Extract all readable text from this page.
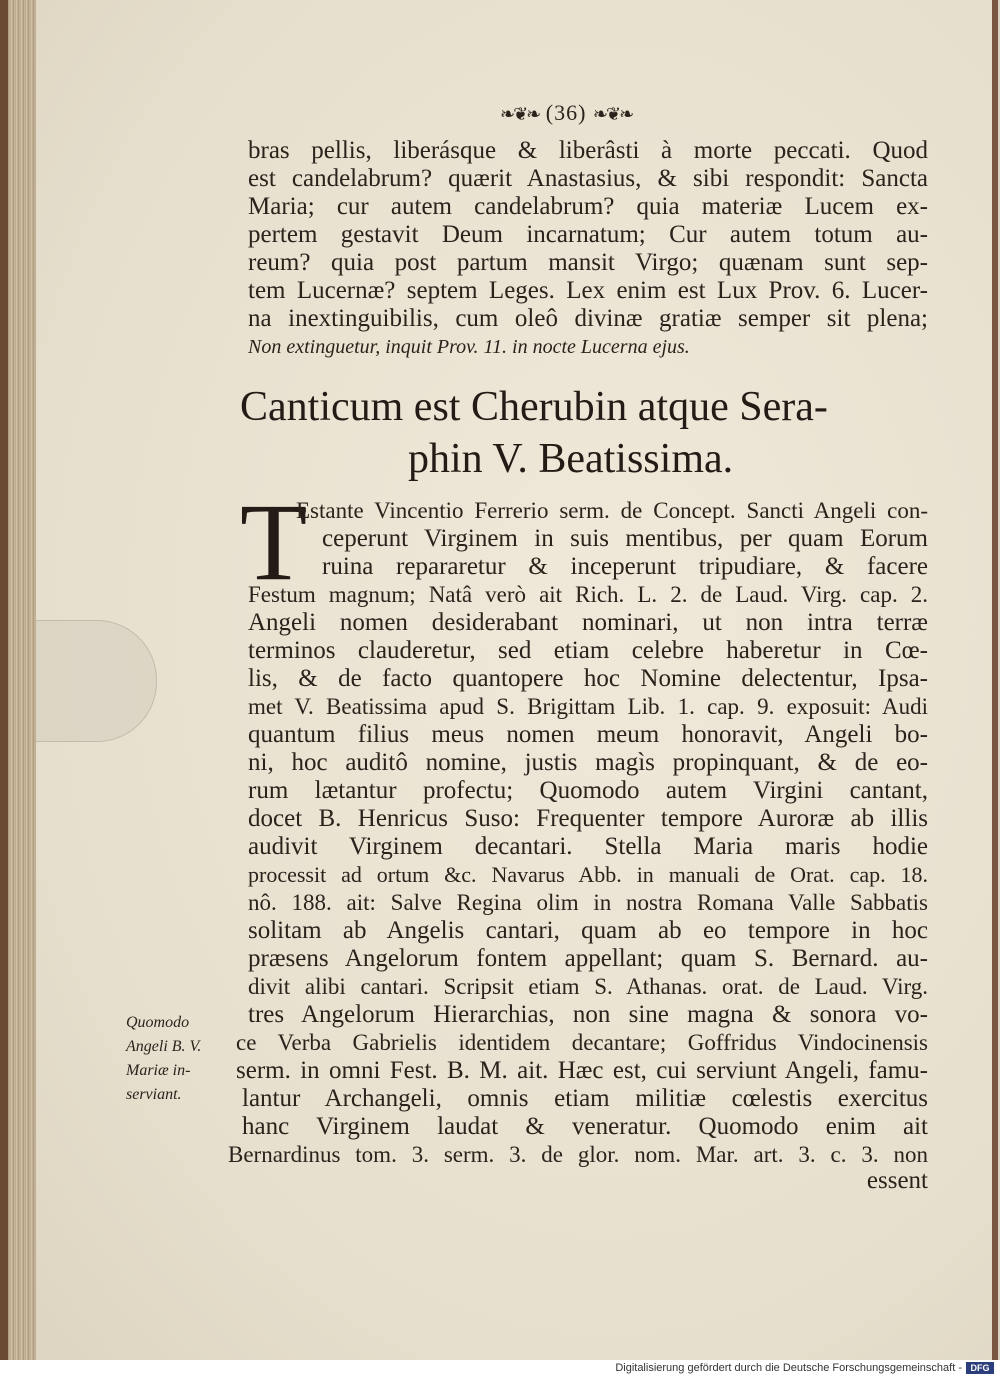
❧❦❧ (36) ❧❦❧
bras pellis, liberásque & liberâsti à morte peccati. Quod
est candelabrum? quærit Anastasius, & sibi respondit: Sancta
Maria; cur autem candelabrum? quia materiæ Lucem ex-
pertem gestavit Deum incarnatum; Cur autem totum au-
reum? quia post partum mansit Virgo; quænam sunt sep-
tem Lucernæ? septem Leges. Lex enim est Lux Prov. 6. Lucer-
na inextinguibilis, cum oleô divinæ gratiæ semper sit plena;
Non extinguetur, inquit Prov. 11. in nocte Lucerna ejus.
Canticum est Cherubin atque Sera-
phin V. Beatissima.
T
Estante Vincentio Ferrerio serm. de Concept. Sancti Angeli con-
ceperunt Virginem in suis mentibus, per quam Eorum
ruina repararetur & inceperunt tripudiare, & facere
Festum magnum; Natâ verò ait Rich. L. 2. de Laud. Virg. cap. 2.
Angeli nomen desiderabant nominari, ut non intra terræ
terminos clauderetur, sed etiam celebre haberetur in Cœ-
lis, & de facto quantopere hoc Nomine delectentur, Ipsa-
met V. Beatissima apud S. Brigittam Lib. 1. cap. 9. exposuit: Audi
quantum filius meus nomen meum honoravit, Angeli bo-
ni, hoc auditô nomine, justis magìs propinquant, & de eo-
rum lætantur profectu; Quomodo autem Virgini cantant,
docet B. Henricus Suso: Frequenter tempore Auroræ ab illis
audivit Virginem decantari. Stella Maria maris hodie
processit ad ortum &c. Navarus Abb. in manuali de Orat. cap. 18.
nô. 188. ait: Salve Regina olim in nostra Romana Valle Sabbatis
solitam ab Angelis cantari, quam ab eo tempore in hoc
præsens Angelorum fontem appellant; quam S. Bernard. au-
divit alibi cantari. Scripsit etiam S. Athanas. orat. de Laud. Virg.
tres Angelorum Hierarchias, non sine magna & sonora vo-
ce Verba Gabrielis identidem decantare; Goffridus Vindocinensis
serm. in omni Fest. B. M. ait. Hæc est, cui serviunt Angeli, famu-
lantur Archangeli, omnis etiam militiæ cœlestis exercitus
hanc Virginem laudat & veneratur. Quomodo enim ait
Bernardinus tom. 3. serm. 3. de glor. nom. Mar. art. 3. c. 3. non
essent
Quomodo
Angeli B. V.
Mariæ in-
serviant.
Digitalisierung gefördert durch die Deutsche Forschungsgemeinschaft - DFG
